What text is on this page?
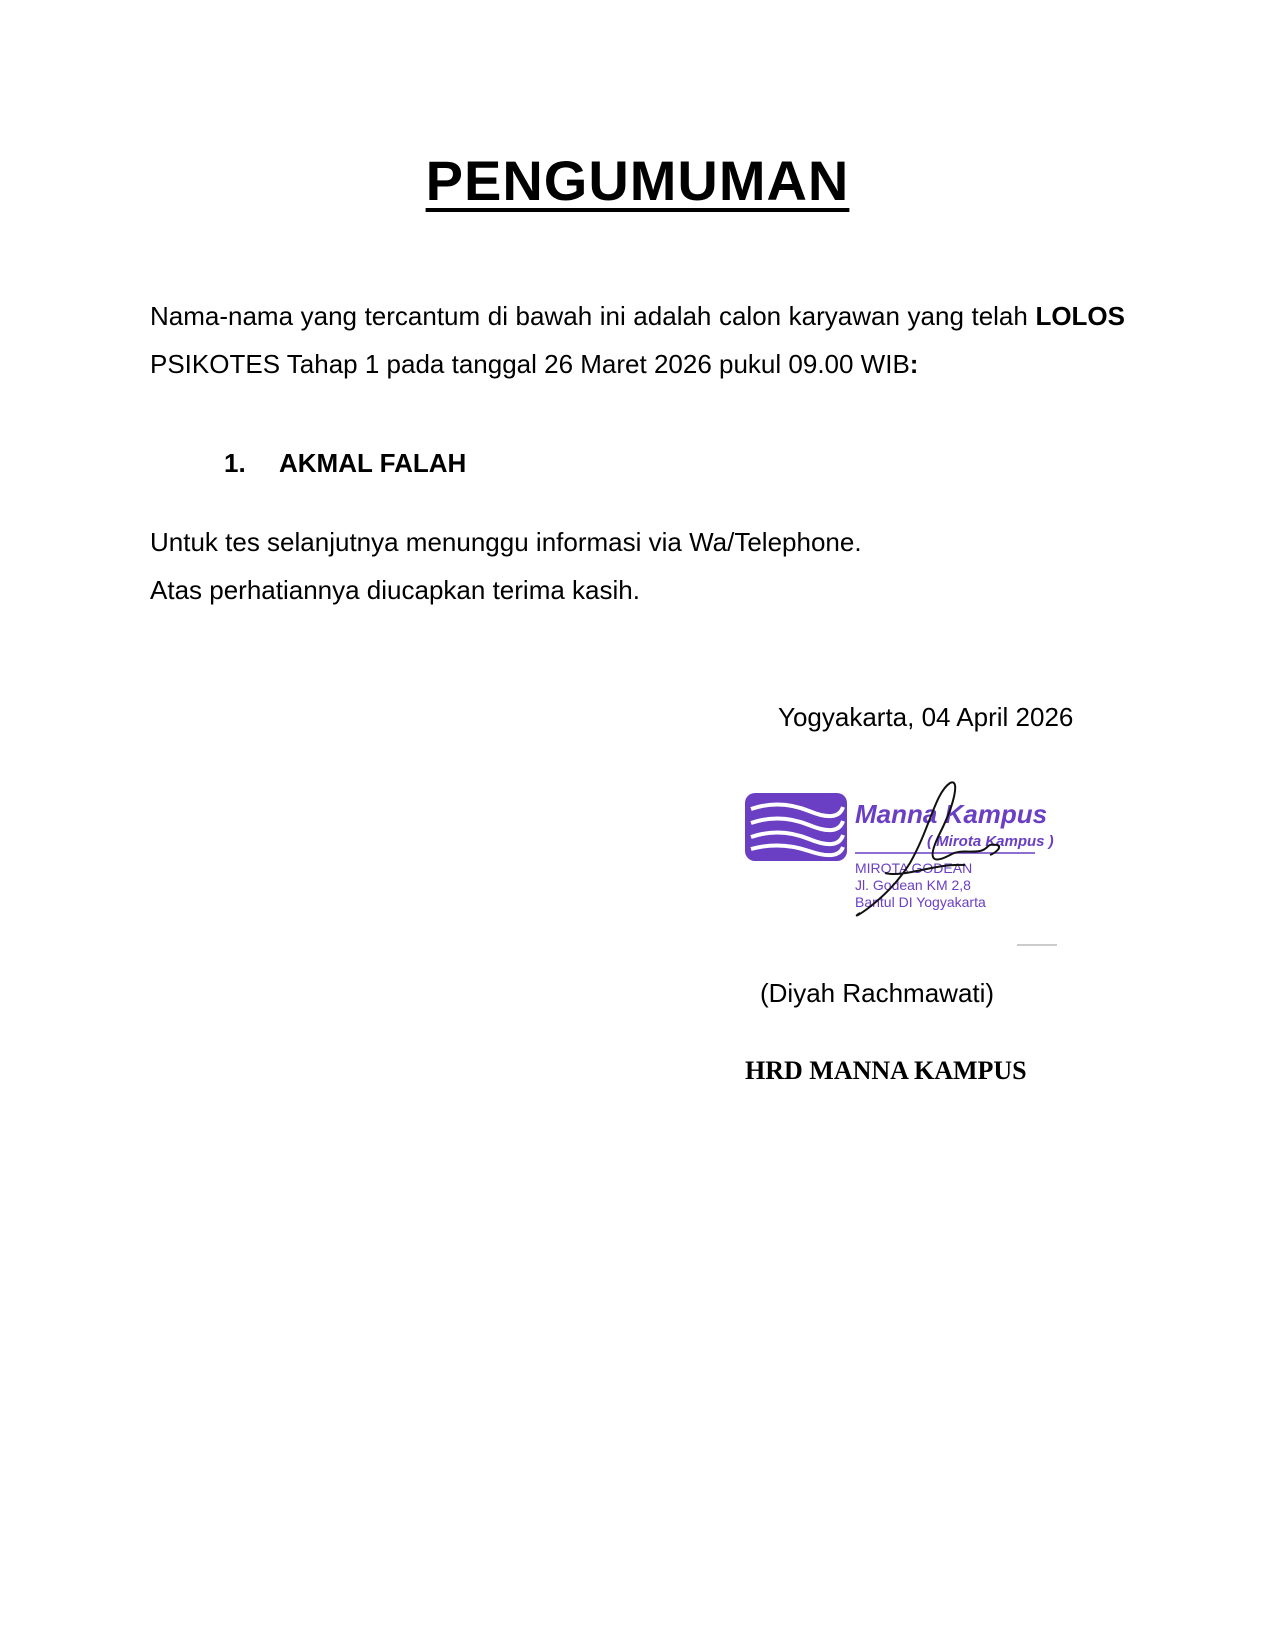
PENGUMUMAN
Nama-nama yang tercantum di bawah ini adalah calon karyawan yang telah LOLOS PSIKOTES Tahap 1 pada tanggal 26 Maret 2026 pukul 09.00 WIB:
1. AKMAL FALAH
Untuk tes selanjutnya menunggu informasi via Wa/Telephone.
Atas perhatiannya diucapkan terima kasih.
Yogyakarta, 04 April 2026
Manna Kampus
( Mirota Kampus )
MIROTA GODEAN
Jl. Godean KM 2,8
Bantul DI Yogyakarta
(Diyah Rachmawati)
HRD MANNA KAMPUS
